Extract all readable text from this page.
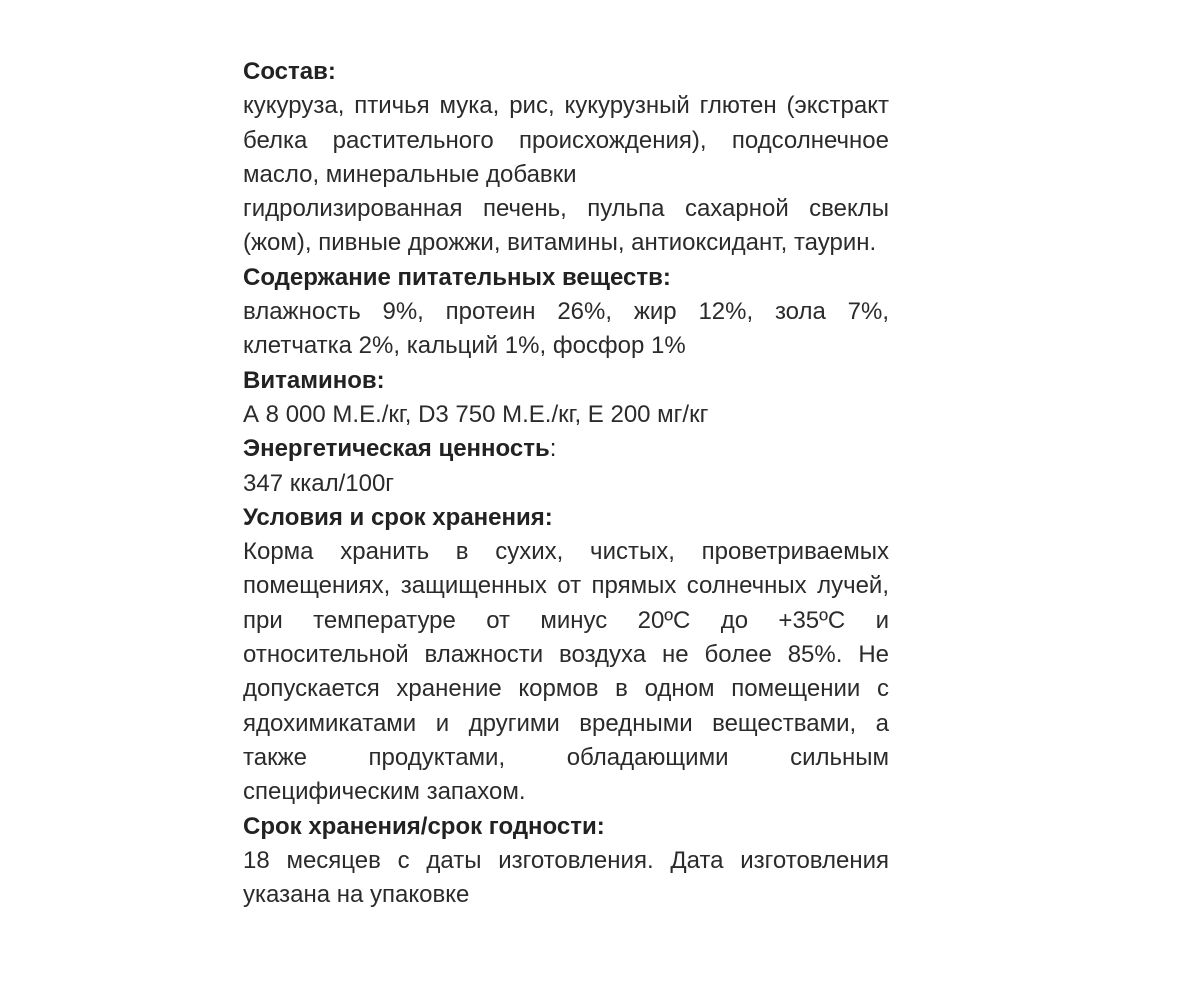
Состав:
кукуруза, птичья мука, рис, кукурузный глютен (экстракт белка растительного происхождения), подсолнечное масло, минеральные добавки
гидролизированная печень, пульпа сахарной свеклы (жом), пивные дрожжи, витамины, антиоксидант, таурин.
Содержание питательных веществ:
влажность 9%, протеин 26%, жир 12%, зола 7%, клетчатка 2%, кальций 1%, фосфор 1%
Витаминов:
А 8 000 М.Е./кг, D3 750 М.Е./кг, Е 200 мг/кг
Энергетическая ценность:
347 ккал/100г
Условия и срок хранения:
Корма хранить в сухих, чистых, проветриваемых помещениях, защищенных от прямых солнечных лучей, при температуре от минус 20ºС до +35ºС и относительной влажности воздуха не более 85%. Не допускается хранение кормов в одном помещении с ядохимикатами и другими вредными веществами, а также продуктами, обладающими сильным специфическим запахом.
Срок хранения/срок годности:
18 месяцев с даты изготовления. Дата изготовления указана на упаковке
